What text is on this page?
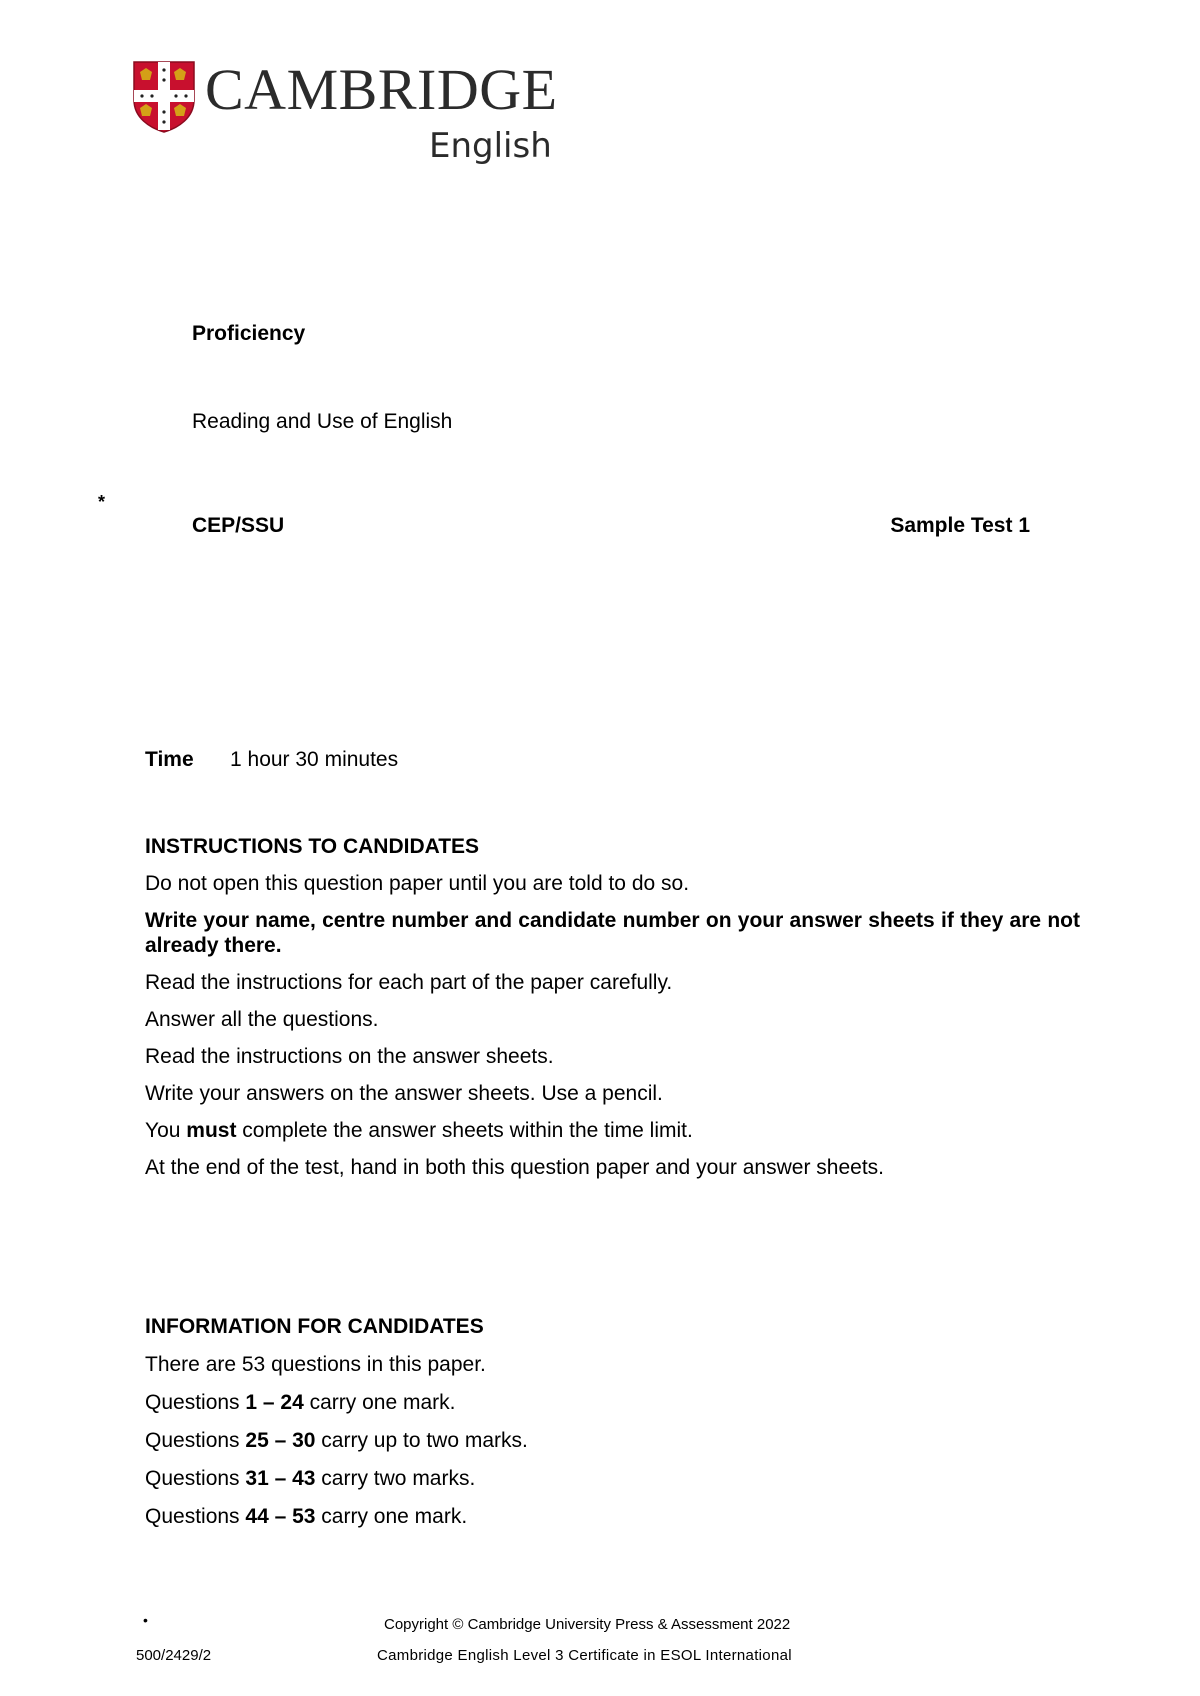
CAMBRIDGE
English
Proficiency
Reading and Use of English
*
CEP/SSU	Sample Test 1
Time 1 hour 30 minutes
INSTRUCTIONS TO CANDIDATES

Do not open this question paper until you are told to do so.

Write your name, centre number and candidate number on your answer sheets if they are not already there.

Read the instructions for each part of the paper carefully.

Answer all the questions.

Read the instructions on the answer sheets.

Write your answers on the answer sheets. Use a pencil.

You must complete the answer sheets within the time limit.

At the end of the test, hand in both this question paper and your answer sheets.

INFORMATION FOR CANDIDATES

There are 53 questions in this paper.

Questions 1 – 24 carry one mark.

Questions 25 – 30 carry up to two marks.

Questions 31 – 43 carry two marks.

Questions 44 – 53 carry one mark.

•	Copyright © Cambridge University Press & Assessment 2022
500/2429/2	Cambridge English Level 3 Certificate in ESOL International
